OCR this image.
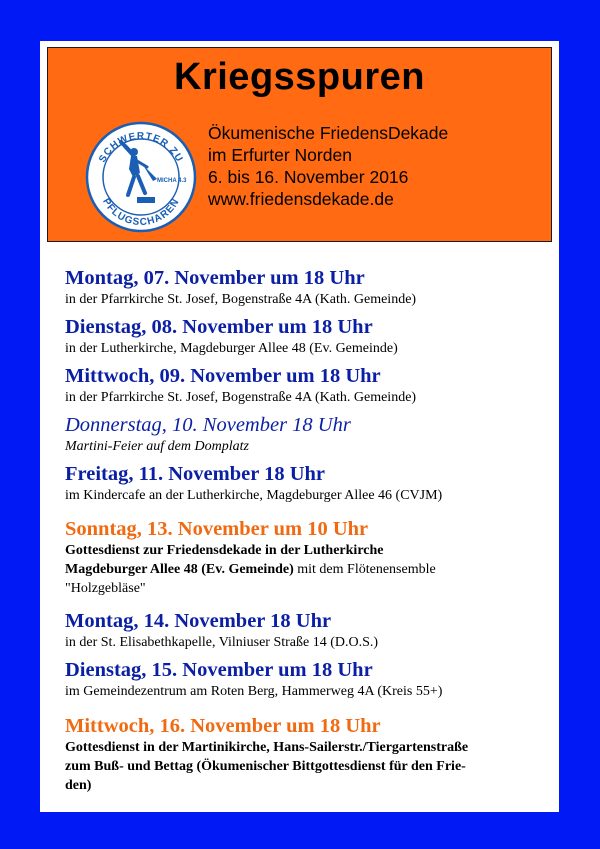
Kriegsspuren
SCHWERTER ZU
PFLUGSCHAREN
MICHA 4.3
Ökumenische FriedensDekade
im Erfurter Norden
6. bis 16. November 2016
www.friedensdekade.de
Montag, 07. November um 18 Uhr
in der Pfarrkirche St. Josef, Bogenstraße 4A (Kath. Gemeinde)
Dienstag, 08. November um 18 Uhr
in der Lutherkirche, Magdeburger Allee 48 (Ev. Gemeinde)
Mittwoch, 09. November um 18 Uhr
in der Pfarrkirche St. Josef, Bogenstraße 4A (Kath. Gemeinde)
Donnerstag, 10. November 18 Uhr
Martini-Feier auf dem Domplatz
Freitag, 11. November 18 Uhr
im Kindercafe an der Lutherkirche, Magdeburger Allee 46 (CVJM)
Sonntag, 13. November um 10 Uhr
Gottesdienst zur Friedensdekade in der Lutherkirche
Magdeburger Allee 48 (Ev. Gemeinde) mit dem Flötenensemble
"Holzgebläse"
Montag, 14. November 18 Uhr
in der St. Elisabethkapelle, Vilniuser Straße 14 (D.O.S.)
Dienstag, 15. November um 18 Uhr
im Gemeindezentrum am Roten Berg, Hammerweg 4A (Kreis 55+)
Mittwoch, 16. November um 18 Uhr
Gottesdienst in der Martinikirche, Hans-Sailerstr./Tiergartenstraße
zum Buß- und Bettag (Ökumenischer Bittgottesdienst für den Frie-
den)
